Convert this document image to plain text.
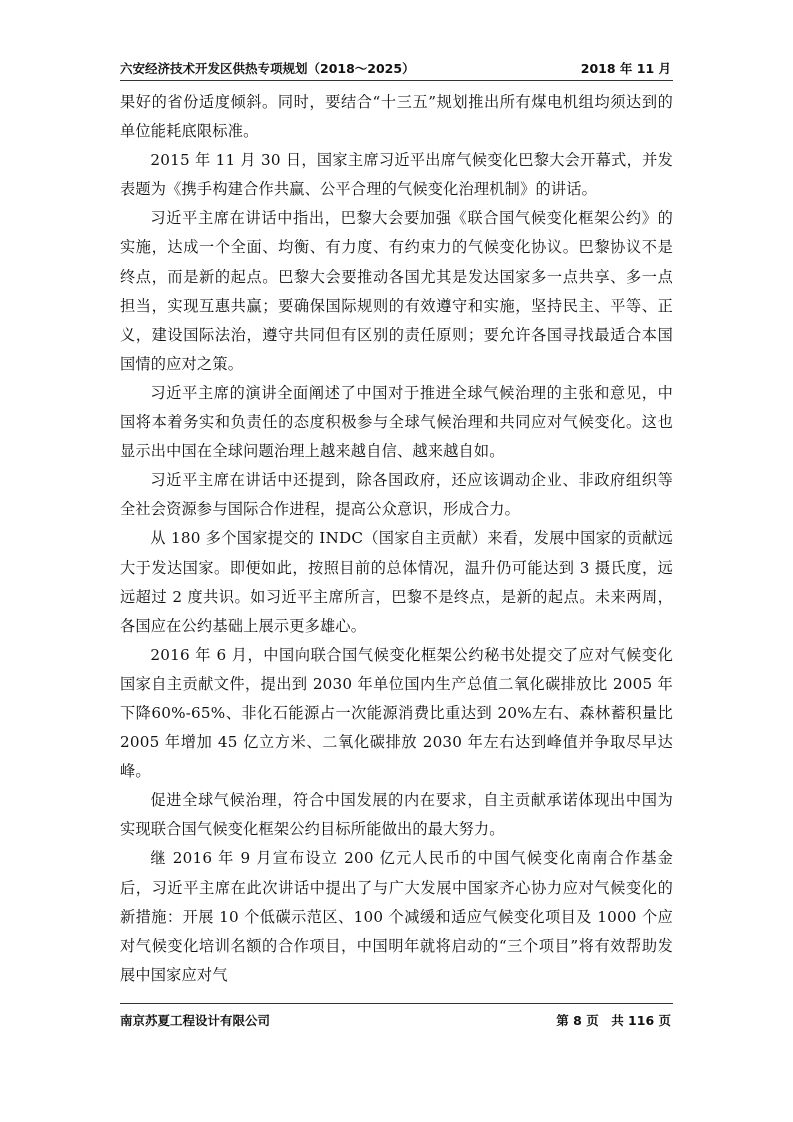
六安经济技术开发区供热专项规划（2018～2025）	2018 年 11 月

果好的省份适度倾斜。同时，要结合“十三五”规划推出所有煤电机组均须达到的单位能耗底限标准。

2015 年 11 月 30 日，国家主席习近平出席气候变化巴黎大会开幕式，并发表题为《携手构建合作共赢、公平合理的气候变化治理机制》的讲话。

习近平主席在讲话中指出，巴黎大会要加强《联合国气候变化框架公约》的实施，达成一个全面、均衡、有力度、有约束力的气候变化协议。巴黎协议不是终点，而是新的起点。巴黎大会要推动各国尤其是发达国家多一点共享、多一点担当，实现互惠共赢；要确保国际规则的有效遵守和实施，坚持民主、平等、正义，建设国际法治，遵守共同但有区别的责任原则；要允许各国寻找最适合本国国情的应对之策。

习近平主席的演讲全面阐述了中国对于推进全球气候治理的主张和意见，中国将本着务实和负责任的态度积极参与全球气候治理和共同应对气候变化。这也显示出中国在全球问题治理上越来越自信、越来越自如。

习近平主席在讲话中还提到，除各国政府，还应该调动企业、非政府组织等全社会资源参与国际合作进程，提高公众意识，形成合力。

从 180 多个国家提交的 INDC（国家自主贡献）来看，发展中国家的贡献远大于发达国家。即便如此，按照目前的总体情况，温升仍可能达到 3 摄氏度，远远超过 2 度共识。如习近平主席所言，巴黎不是终点，是新的起点。未来两周，各国应在公约基础上展示更多雄心。

2016 年 6 月，中国向联合国气候变化框架公约秘书处提交了应对气候变化国家自主贡献文件，提出到 2030 年单位国内生产总值二氧化碳排放比 2005 年下降60%-65%、非化石能源占一次能源消费比重达到 20%左右、森林蓄积量比 2005 年增加 45 亿立方米、二氧化碳排放 2030 年左右达到峰值并争取尽早达峰。

促进全球气候治理，符合中国发展的内在要求，自主贡献承诺体现出中国为实现联合国气候变化框架公约目标所能做出的最大努力。

继 2016 年 9 月宣布设立 200 亿元人民币的中国气候变化南南合作基金后，习近平主席在此次讲话中提出了与广大发展中国家齐心协力应对气候变化的新措施：开展 10 个低碳示范区、100 个减缓和适应气候变化项目及 1000 个应对气候变化培训名额的合作项目，中国明年就将启动的“三个项目”将有效帮助发展中国家应对气

南京苏夏工程设计有限公司	第 8 页　共 116 页
